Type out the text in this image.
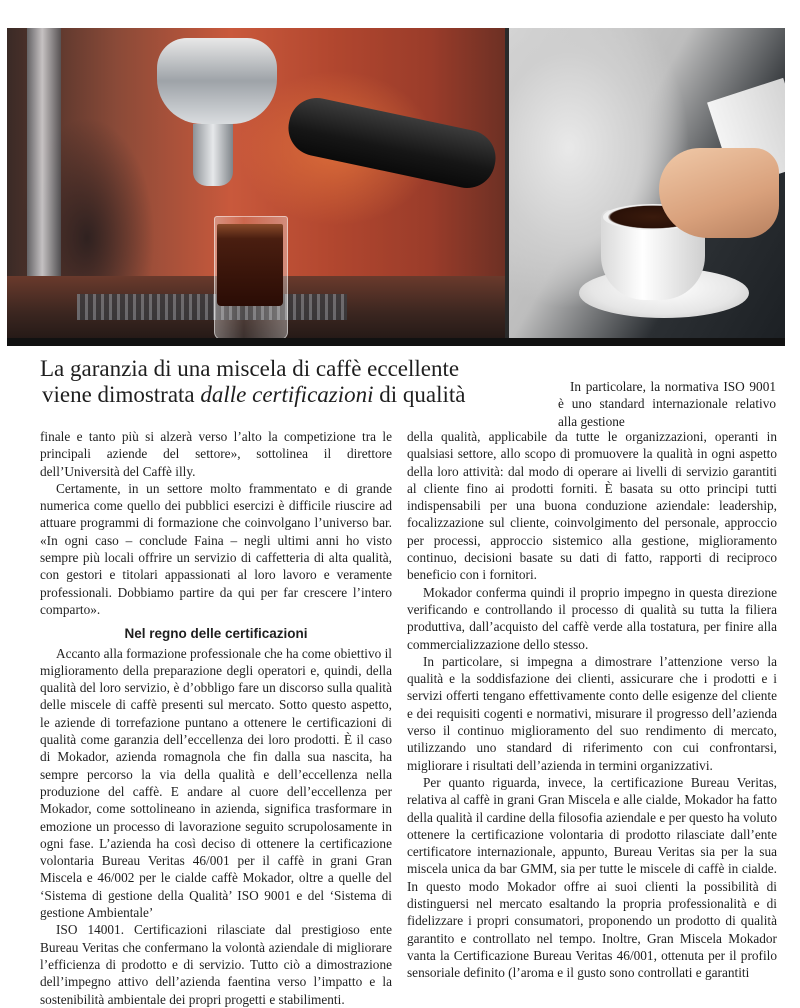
La garanzia di una miscela di caffè eccellente
viene dimostrata dalle certificazioni di qualità	In particolare, la normativa ISO 9001 è uno standard internazionale relativo alla gestione

finale e tanto più si alzerà verso l’alto la competizione tra le principali aziende del settore», sottolinea il direttore dell’Università del Caffè illy.

Certamente, in un settore molto frammentato e di grande numerica come quello dei pubblici esercizi è difficile riuscire ad attuare programmi di formazione che coinvolgano l’universo bar. «In ogni caso – conclude Faina – negli ultimi anni ho visto sempre più locali offrire un servizio di caffetteria di alta qualità, con gestori e titolari appassionati al loro lavoro e veramente professionali. Dobbiamo partire da qui per far crescere l’intero comparto».

Nel regno delle certificazioni

Accanto alla formazione professionale che ha come obiettivo il miglioramento della preparazione degli operatori e, quindi, della qualità del loro servizio, è d’obbligo fare un discorso sulla qualità delle miscele di caffè presenti sul mercato. Sotto questo aspetto, le aziende di torrefazione puntano a ottenere le certificazioni di qualità come garanzia dell’eccellenza dei loro prodotti. È il caso di Mokador, azienda romagnola che fin dalla sua nascita, ha sempre percorso la via della qualità e dell’eccellenza nella produzione del caffè. E andare al cuore dell’eccellenza per Mokador, come sottolineano in azienda, significa trasformare in emozione un processo di lavorazione seguito scrupolosamente in ogni fase. L’azienda ha così deciso di ottenere la certificazione volontaria Bureau Veritas 46/001 per il caffè in grani Gran Miscela e 46/002 per le cialde caffè Mokador, oltre a quelle del ‘Sistema di gestione della Qualità’ ISO 9001 e del ‘Sistema di gestione Ambientale’

ISO 14001. Certificazioni rilasciate dal prestigioso ente Bureau Veritas che confermano la volontà aziendale di migliorare l’efficienza di prodotto e di servizio. Tutto ciò a dimostrazione dell’impegno attivo dell’azienda faentina verso l’impatto e la sostenibilità ambientale dei propri progetti e stabilimenti.

della qualità, applicabile da tutte le organizzazioni, operanti in qualsiasi settore, allo scopo di promuovere la qualità in ogni aspetto della loro attività: dal modo di operare ai livelli di servizio garantiti al cliente fino ai prodotti forniti. È basata su otto principi tutti indispensabili per una buona conduzione aziendale: leadership, focalizzazione sul cliente, coinvolgimento del personale, approccio per processi, approccio sistemico alla gestione, miglioramento continuo, decisioni basate su dati di fatto, rapporti di reciproco beneficio con i fornitori.

Mokador conferma quindi il proprio impegno in questa direzione verificando e controllando il processo di qualità su tutta la filiera produttiva, dall’acquisto del caffè verde alla tostatura, per finire alla commercializzazione dello stesso.

In particolare, si impegna a dimostrare l’attenzione verso la qualità e la soddisfazione dei clienti, assicurare che i prodotti e i servizi offerti tengano effettivamente conto delle esigenze del cliente e dei requisiti cogenti e normativi, misurare il progresso dell’azienda verso il continuo miglioramento del suo rendimento di mercato, utilizzando uno standard di riferimento con cui confrontarsi, migliorare i risultati dell’azienda in termini organizzativi.

Per quanto riguarda, invece, la certificazione Bureau Veritas, relativa al caffè in grani Gran Miscela e alle cialde, Mokador ha fatto della qualità il cardine della filosofia aziendale e per questo ha voluto ottenere la certificazione volontaria di prodotto rilasciate dall’ente certificatore internazionale, appunto, Bureau Veritas sia per la sua miscela unica da bar GMM, sia per tutte le miscele di caffè in cialde. In questo modo Mokador offre ai suoi clienti la possibilità di distinguersi nel mercato esaltando la propria professionalità e di fidelizzare i propri consumatori, proponendo un prodotto di qualità garantito e controllato nel tempo. Inoltre, Gran Miscela Mokador vanta la Certificazione Bureau Veritas 46/001, ottenuta per il profilo sensoriale definito (l’aroma e il gusto sono controllati e garantiti
